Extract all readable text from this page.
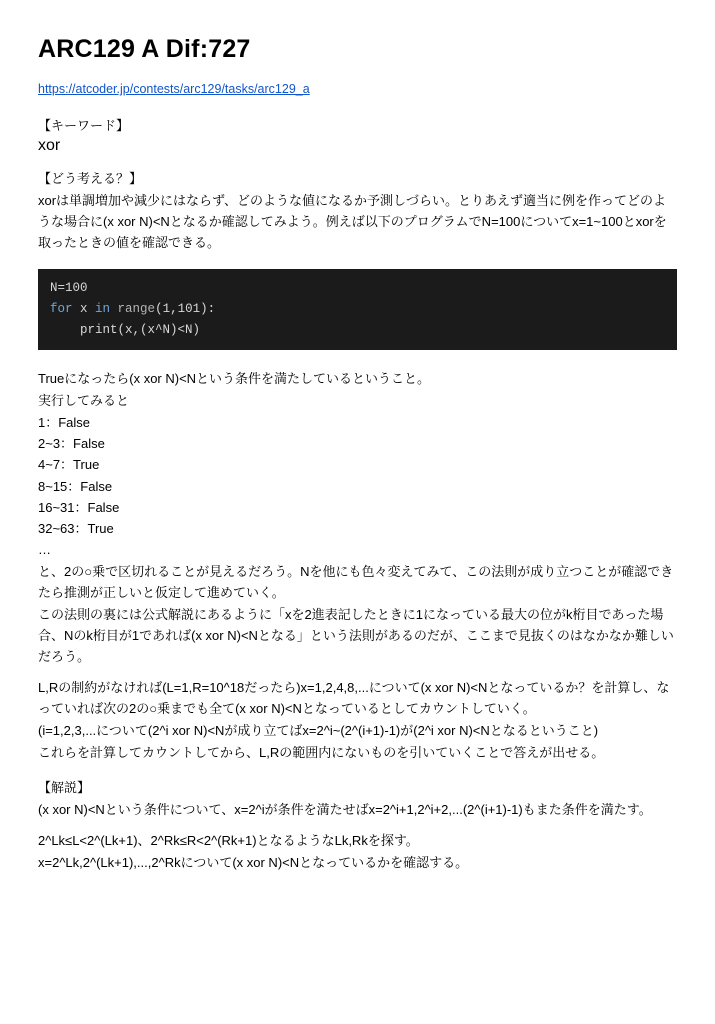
ARC129 A Dif:727
https://atcoder.jp/contests/arc129/tasks/arc129_a
【キーワード】
xor
【どう考える？】

xorは単調増加や減少にはならず、どのような値になるか予測しづらい。とりあえず適当に例を作ってどのような場合に(x xor N)<Nとなるか確認してみよう。例えば以下のプログラムでN=100についてx=1~100とxorを取ったときの値を確認できる。

N=100
for x in range(1,101):
print(x,(x^N)<N)

Trueになったら(x xor N)<Nという条件を満たしているということ。

実行してみると

1：False
2~3：False
4~7：True
8~15：False
16~31：False
32~63：True
…

と、2の○乗で区切れることが見えるだろう。Nを他にも色々変えてみて、この法則が成り立つことが確認できたら推測が正しいと仮定して進めていく。

この法則の裏には公式解説にあるように「xを2進表記したときに1になっている最大の位がk桁目であった場合、Nのk桁目が1であれば(x xor N)<Nとなる」という法則があるのだが、ここまで見抜くのはなかなか難しいだろう。

L,Rの制約がなければ(L=1,R=10^18だったら)x=1,2,4,8,...について(x xor N)<Nとなっているか？を計算し、なっていれば次の2の○乗までも全て(x xor N)<Nとなっているとしてカウントしていく。

(i=1,2,3,...について(2^i xor N)<Nが成り立てばx=2^i~(2^(i+1)-1)が(2^i xor N)<Nとなるということ)

これらを計算してカウントしてから、L,Rの範囲内にないものを引いていくことで答えが出せる。

【解説】

(x xor N)<Nという条件について、x=2^iが条件を満たせばx=2^i+1,2^i+2,...(2^(i+1)-1)もまた条件を満たす。

2^Lk≤L<2^(Lk+1)、2^Rk≤R<2^(Rk+1)となるようなLk,Rkを探す。

x=2^Lk,2^(Lk+1),...,2^Rkについて(x xor N)<Nとなっているかを確認する。
